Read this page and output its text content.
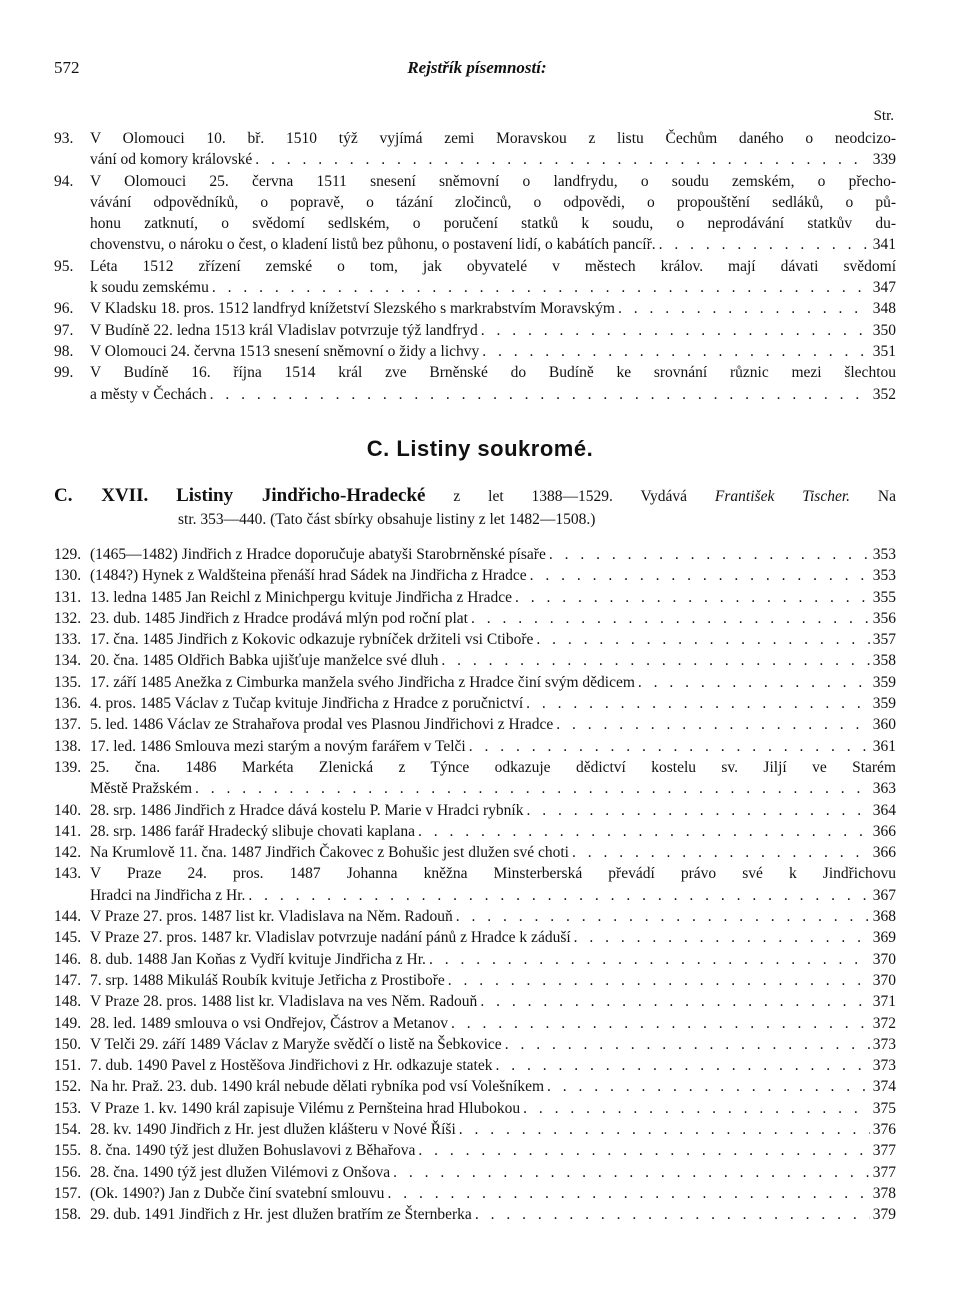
572	Rejstřík písemností:
Str.
93.	V Olomouci 10. bř. 1510 týž vyjímá zemi Moravskou z listu Čechům daného o neodcizo-
vání od komory královské . . .	339
94.	V Olomouci 25. června 1511 snesení sněmovní o landfrydu, o soudu zemském, o přecho-
vávání odpovědníků, o popravě, o tázání zločinců, o odpovědi, o propouštění sedláků, o pů-
honu zatknutí, o svědomí sedlském, o poručení statků k soudu, o neprodávání statkův du-
chovenstvu, o nároku o čest, o kladení listů bez půhonu, o postavení lidí, o kabátích pancíř. . . .	341
95.	Léta 1512 zřízení zemské o tom, jak obyvatelé v městech králov. mají dávati svědomí
k soudu zemskému . . .	347
96.	V Kladsku 18. pros. 1512 landfryd knížetství Slezského s markrabstvím Moravským . . .	348
97.	V Budíně 22. ledna 1513 král Vladislav potvrzuje týž landfryd . . .	350
98.	V Olomouci 24. června 1513 snesení sněmovní o židy a lichvy . . .	351
99.	V Budíně 16. října 1514 král zve Brněnské do Budíně ke srovnání různic mezi šlechtou
a městy v Čechách . . .	352
C. Listiny soukromé.
C. XVII. Listiny Jindřicho-Hradecké z let 1388—1529. Vydává František Tischer. Na
str. 353—440. (Tato část sbírky obsahuje listiny z let 1482—1508.)
129. (1465—1482) Jindřich z Hradce doporučuje abatyši Starobrněnské písaře . . .	353
130. (1484?) Hynek z Waldšteina přenáší hrad Sádek na Jindřicha z Hradce . . .	353
131. 13. ledna 1485 Jan Reichl z Minichpergu kvituje Jindřicha z Hradce . . .	355
132. 23. dub. 1485 Jindřich z Hradce prodává mlýn pod roční plat . . .	356
133. 17. čna. 1485 Jindřich z Kokovic odkazuje rybníček držiteli vsi Ctiboře . . .	357
134. 20. čna. 1485 Oldřich Babka ujišťuje manželce své dluh . . .	358
135. 17. září 1485 Anežka z Cimburka manžela svého Jindřicha z Hradce činí svým dědicem . . .	359
136. 4. pros. 1485 Václav z Tučap kvituje Jindřicha z Hradce z poručnictví . . .	359
137. 5. led. 1486 Václav ze Strahařova prodal ves Plasnou Jindřichovi z Hradce . . .	360
138. 17. led. 1486 Smlouva mezi starým a novým farářem v Telči . . .	361
139. 25. čna. 1486 Markéta Zlenická z Týnce odkazuje dědictví kostelu sv. Jiljí ve Starém
Městě Pražském . . .	363
140. 28. srp. 1486 Jindřich z Hradce dává kostelu P. Marie v Hradci rybník . . .	364
141. 28. srp. 1486 farář Hradecký slibuje chovati kaplana . . .	366
142. Na Krumlově 11. čna. 1487 Jindřich Čakovec z Bohušic jest dlužen své choti . . .	366
143. V Praze 24. pros. 1487 Johanna kněžna Minsterberská převádí právo své k Jindřichovu
Hradci na Jindřicha z Hr. . . .	367
144. V Praze 27. pros. 1487 list kr. Vladislava na Něm. Radouň . . .	368
145. V Praze 27. pros. 1487 kr. Vladislav potvrzuje nadání pánů z Hradce k záduší . . .	369
146. 8. dub. 1488 Jan Koňas z Vydří kvituje Jindřicha z Hr. . . .	370
147. 7. srp. 1488 Mikuláš Roubík kvituje Jetřicha z Prostiboře . . .	370
148. V Praze 28. pros. 1488 list kr. Vladislava na ves Něm. Radouň . . .	371
149. 28. led. 1489 smlouva o vsi Ondřejov, Částrov a Metanov . . .	372
150. V Telči 29. září 1489 Václav z Maryže svědčí o listě na Šebkovice . . .	373
151. 7. dub. 1490 Pavel z Hostěšova Jindřichovi z Hr. odkazuje statek . . .	373
152. Na hr. Praž. 23. dub. 1490 král nebude dělati rybníka pod vsí Volešníkem . . .	374
153. V Praze 1. kv. 1490 král zapisuje Vilému z Pernšteina hrad Hlubokou . . .	375
154. 28. kv. 1490 Jindřich z Hr. jest dlužen klášteru v Nové Říši . . .	376
155. 8. čna. 1490 týž jest dlužen Bohuslavovi z Běhařova . . .	377
156. 28. čna. 1490 týž jest dlužen Vilémovi z Onšova . . .	377
157. (Ok. 1490?) Jan z Dubče činí svatební smlouvu . . .	378
158. 29. dub. 1491 Jindřich z Hr. jest dlužen bratřím ze Šternberka . . .	379
